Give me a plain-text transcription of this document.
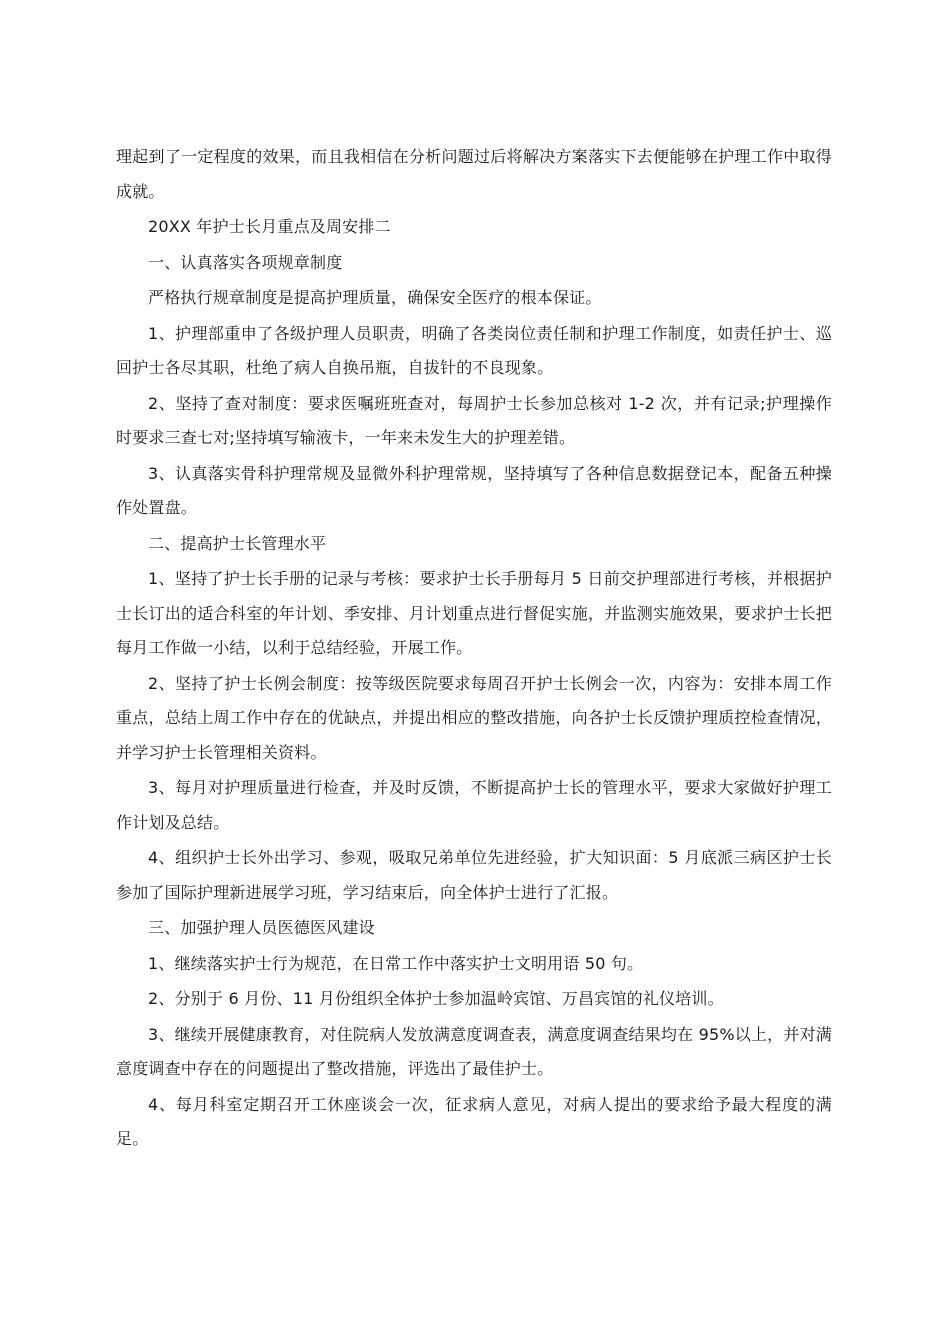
理起到了一定程度的效果，而且我相信在分析问题过后将解决方案落实下去便能够在护理工作中取得成就。

20XX 年护士长月重点及周安排二

一、认真落实各项规章制度

严格执行规章制度是提高护理质量，确保安全医疗的根本保证。

1、护理部重申了各级护理人员职责，明确了各类岗位责任制和护理工作制度，如责任护士、巡回护士各尽其职，杜绝了病人自换吊瓶，自拔针的不良现象。

2、坚持了查对制度：要求医嘱班班查对，每周护士长参加总核对 1-2 次，并有记录;护理操作时要求三查七对;坚持填写输液卡，一年来未发生大的护理差错。

3、认真落实骨科护理常规及显微外科护理常规，坚持填写了各种信息数据登记本，配备五种操作处置盘。

二、提高护士长管理水平

1、坚持了护士长手册的记录与考核：要求护士长手册每月 5 日前交护理部进行考核，并根据护士长订出的适合科室的年计划、季安排、月计划重点进行督促实施，并监测实施效果，要求护士长把每月工作做一小结，以利于总结经验，开展工作。

2、坚持了护士长例会制度：按等级医院要求每周召开护士长例会一次，内容为：安排本周工作重点，总结上周工作中存在的优缺点，并提出相应的整改措施，向各护士长反馈护理质控检查情况，并学习护士长管理相关资料。

3、每月对护理质量进行检查，并及时反馈，不断提高护士长的管理水平，要求大家做好护理工作计划及总结。

4、组织护士长外出学习、参观，吸取兄弟单位先进经验，扩大知识面：5 月底派三病区护士长参加了国际护理新进展学习班，学习结束后，向全体护士进行了汇报。

三、加强护理人员医德医风建设

1、继续落实护士行为规范，在日常工作中落实护士文明用语 50 句。

2、分别于 6 月份、11 月份组织全体护士参加温岭宾馆、万昌宾馆的礼仪培训。

3、继续开展健康教育，对住院病人发放满意度调查表，满意度调查结果均在 95%以上，并对满意度调查中存在的问题提出了整改措施，评选出了最佳护士。

4、每月科室定期召开工休座谈会一次，征求病人意见，对病人提出的要求给予最大程度的满足。
